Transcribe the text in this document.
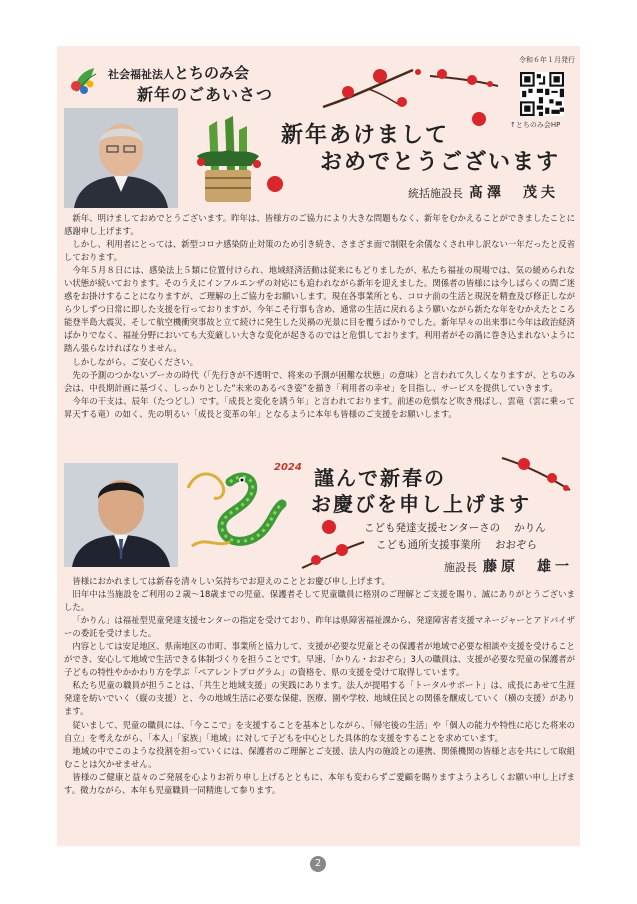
社会福祉法人とちのみ会
新年のごあいさつ
令和６年１月発行
↑とちのみ会HP
新年あけまして
おめでとうございます
統括施設長 髙澤　茂夫

新年、明けましておめでとうございます。昨年は、皆様方のご協力により大きな問題もなく、新年をむかえることができましたことに感謝申し上げます。

しかし、利用者にとっては、新型コロナ感染防止対策のため引き続き、さまざま面で制限を余儀なくされ申し訳ない一年だったと反省しております。

今年５月８日には、感染法上５類に位置付けられ、地域経済活動は従来にもどりましたが、私たち福祉の現場では、気の緩められない状態が続いております。そのうえにインフルエンザの対応にも追われながら新年を迎えました。関係者の皆様には今しばらくの間ご迷惑をお掛けすることになりますが、ご理解の上ご協力をお願いします。現在各事業所とも、コロナ前の生活と現況を精査及び修正しながら少しずつ日常に即した支援を行っておりますが、今年こそ行事も含め、通常の生活に戻れるよう願いながら新たな年をむかえたところ能登半島大震災、そして航空機衝突事故と立て続けに発生した災禍の光景に目を覆うばかりでした。新年早々の出来事に今年は政治経済ばかりでなく、福祉分野においても大変厳しい大きな変化が起きるのではと危惧しております。利用者がその渦に巻き込まれないように踏ん張らなければなりません。

しかしながら、ご安心ください。

先の予測のつかないブーカの時代（「先行きが不透明で、将来の予測が困難な状態」の意味）と言われて久しくなりますが、とちのみ会は、中長期計画に基づく、しっかりとした“未来のあるべき姿”を描き「利用者の幸せ」を目指し、サービスを提供していきます。

今年の干支は、辰年（たつどし）です。「成長と変化を誘う年」と言われております。前述の危惧など吹き飛ばし、雲竜（雲に乗って昇天する竜）の如く、先の明るい「成長と変革の年」となるように本年も皆様のご支援をお願いします。

2024 謹んで新春の
お慶びを申し上げます
こども発達支援センターさの かりん
こども通所支援事業所 おおぞら
施設長 藤原　雄一

皆様におかれましては新春を清々しい気持ちでお迎えのこととお慶び申し上げます。

旧年中は当施設をご利用の２歳～18歳までの児童、保護者そして児童職員に格別のご理解とご支援を賜り、誠にありがとうございました。

「かりん」は福祉型児童発達支援センターの指定を受けており、昨年は県障害福祉課から、発達障害者支援マネージャーとアドバイザーの委託を受けました。

内容としては安足地区、県南地区の市町、事業所と協力して、支援が必要な児童とその保護者が地域で必要な相談や支援を受けることができ、安心して地域で生活できる体制づくりを担うことです。早速、「かりん・おおぞら」3人の職員は、支援が必要な児童の保護者が子どもの特性やかかわり方を学ぶ「ペアレントプログラム」の資格を、県の支援を受けて取得しています。

私たち児童の職員が担うことは、「共生と地域支援」の実践にあります。法人が提唱する「トータルサポート」は、成長にあせて生涯発達を紡いでいく（縦の支援）と、今の地域生活に必要な保健、医療、園や学校、地域住民との関係を醸成していく（横の支援）があります。

従いまして、児童の職員には、「今ここで」を支援することを基本としながら、「帰宅後の生活」や「個人の能力や特性に応じた将来の自立」を考えながら、「本人」「家族」「地域」に対して子どもを中心とした具体的な支援をすることを求めています。

地域の中でこのような役割を担っていくには、保護者のご理解とご支援、法人内の施設との連携、関係機関の皆様と志を共にして取組むことは欠かせません。

皆様のご健康と益々のご発展を心よりお祈り申し上げるとともに、本年も変わらずご愛顧を賜りますようよろしくお願い申し上げます。微力ながら、本年も児童職員一同精進して参ります。

2
